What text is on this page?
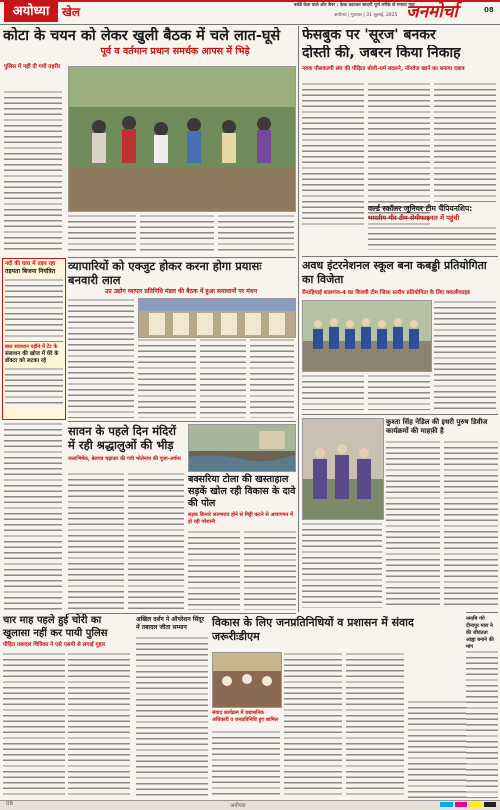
अयोध्या	खेल	बर्थडे केक वाले और बैनर : केक काटकर सादगी पूर्ण तरीके से मनाया गया
अयोध्या | गुरुवार | 31 जुलाई, 2025 जनमोर्चा	08
कोटा के चयन को लेकर खुली बैठक में चले लात-घूसे
पूर्व व वर्तमान प्रधान समर्थक आपस में भिड़े
पुलिस में नहीं दी गयी तहरीर
नदी की धारा में तड़प रहा
तड़पता बिजना नियंत्रित
बाल सावधान पड़ीने में टेंट के
संसाधन की खोज में घेरे के
डॉक्टर को लटका रहे
चार माह पहले हुई चोरी का खुलासा नहीं कर पायी पुलिस
पीड़ित तबादल चित्रिका ने एसे एसपी से लगाई गुहार
व्यापारियों को एक्जुट होकर करना होगा प्रयासः बनवारी लाल
उप्र उद्योग व्यापार प्रतिनिधि मंडल की बैठक में हुआ समाधानों पर मंथन
सावन के पहले दिन मंदिरों में रही श्रद्धालुओं की भीड़
जलाभिषेक, बेलपत्र चढ़ाकर की गयी भोलेनाथ की पूजा-अर्चना
बक्सरिया टोला की खस्ताहाल सड़कें खोल रही विकास के दावे की पोल
सड़क किनारे जलभराव होने से मिट्टी कटने से आवागमन में हो रही परेशानी
अखिल दर्शन ने ऑपरेशन सिंदूर में तबादल जीता सम्मान	विकास के लिए जनप्रतिनिधियों व प्रशासन में संवाद जरूरीःडीएम
संवाद कार्यक्रम में प्रशासनिक अधिकारी व जनप्रतिनिधि हुए शामिल
फेसबुक पर 'सूरज' बनकर
दोस्ती की, जबरन किया निकाह
नवक पीसकल्पी संघ की पीड़िता बोली-धर्म बदलने, नॉनवेज खाने का बनाया दबाव
वर्ल्ड स्कॉलर जूनियर टीम चैंपियनशिप:
भारतीय मीर टीम सेमीफाइनल में पहुंची
अवध इंटरनेशनल स्कूल बना कबड्डी प्रतियोगिता का विजेता
रौनाहियाई शालगंज-4 का विजयी टीम जिला स्तरीय प्रतियोगिता के लिए क्वालीफाइड
कुश्ता सिंह नेडिल की इधरी पुरुष डिवीज कार्यक्रमों की माहफ़ी है
नमामि गंगे दीनापुर मारा ने की जीवंतता आह्वा बनाने की मांग
08	अयोध्या
